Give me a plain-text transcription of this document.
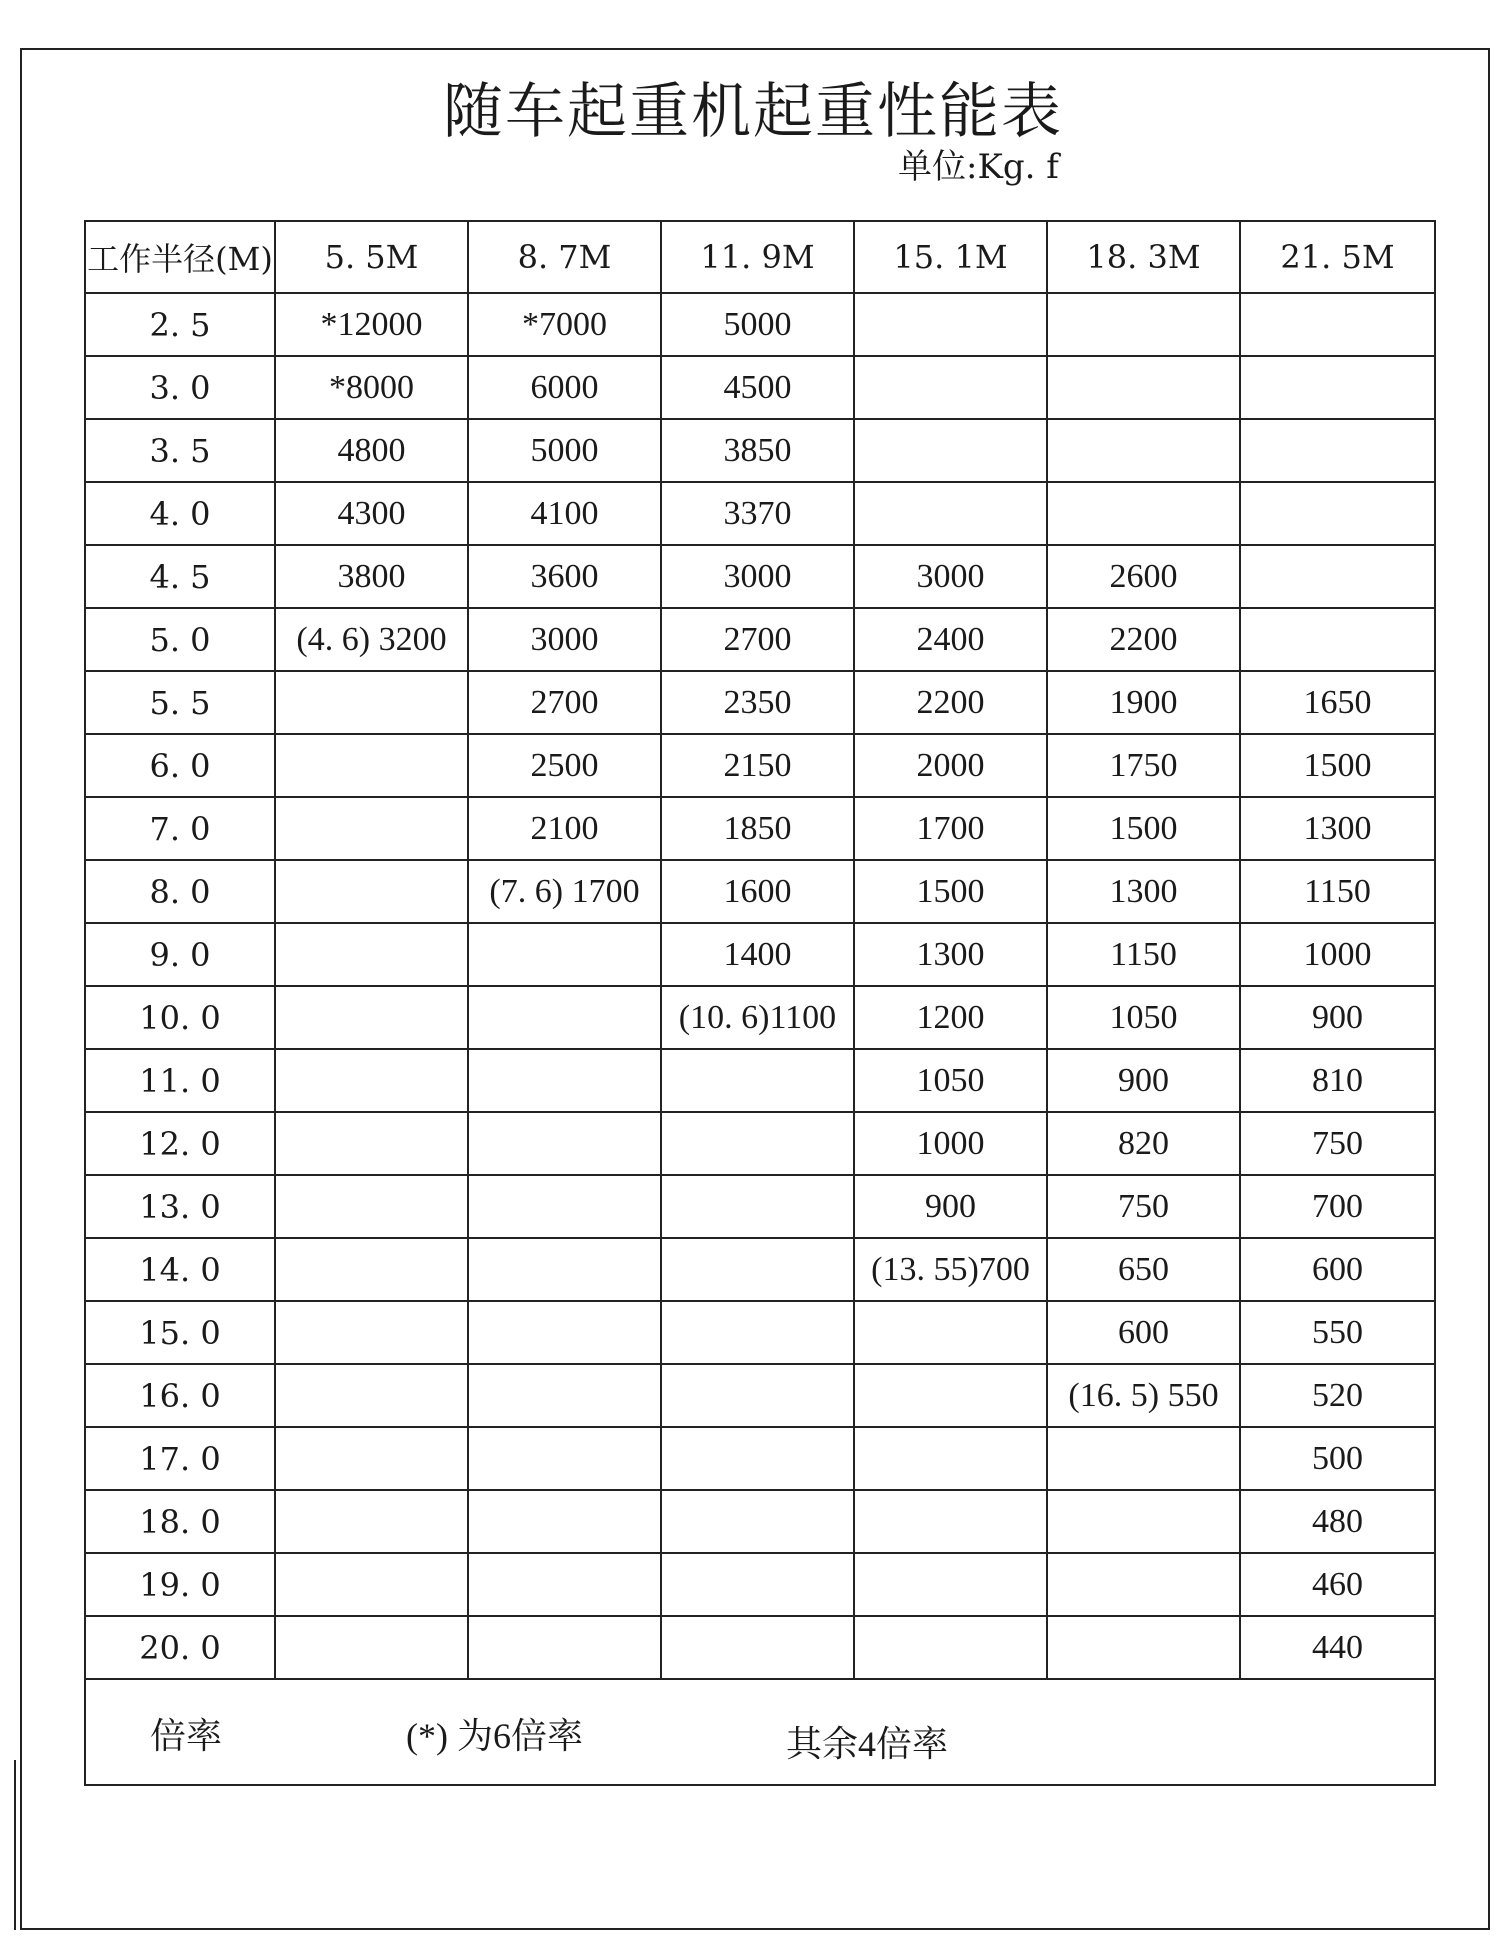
随车起重机起重性能表
单位:Kg. f
工作半径(M)	5. 5M	8. 7M	11. 9M	15. 1M	18. 3M	21. 5M
2. 5	*12000	*7000	5000			
3. 0	*8000	6000	4500			
3. 5	4800	5000	3850			
4. 0	4300	4100	3370			
4. 5	3800	3600	3000	3000	2600	
5. 0	(4. 6) 3200	3000	2700	2400	2200	
5. 5		2700	2350	2200	1900	1650
6. 0		2500	2150	2000	1750	1500
7. 0		2100	1850	1700	1500	1300
8. 0		(7. 6) 1700	1600	1500	1300	1150
9. 0			1400	1300	1150	1000
10. 0			(10. 6)1100	1200	1050	900
11. 0				1050	900	810
12. 0				1000	820	750
13. 0				900	750	700
14. 0				(13. 55)700	650	600
15. 0					600	550
16. 0					(16. 5) 550	520
17. 0						500
18. 0						480
19. 0						460
20. 0						440

倍率 (*) 为6倍率 其余4倍率						
